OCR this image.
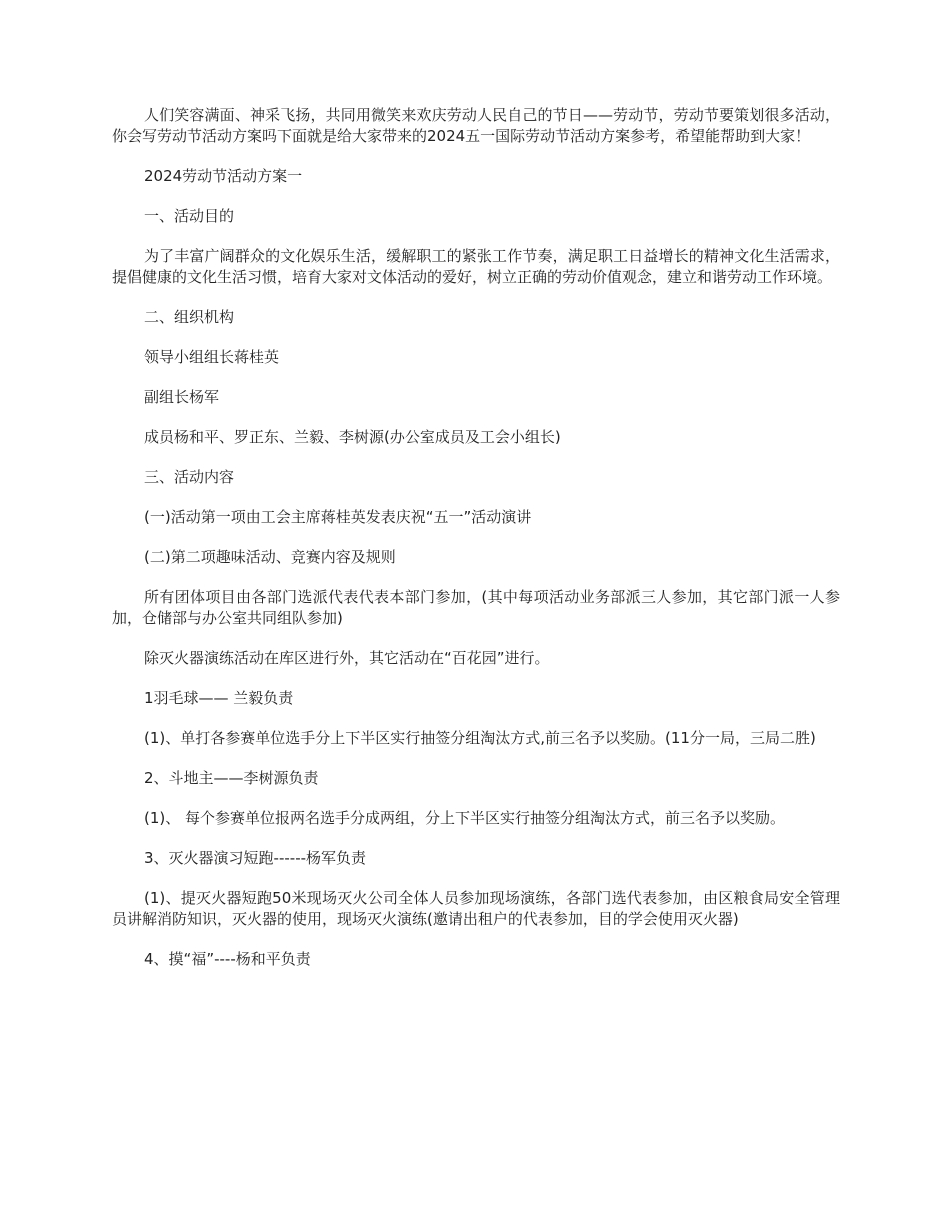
人们笑容满面、神采飞扬，共同用微笑来欢庆劳动人民自己的节日——劳动节，劳动节要策划很多活动，你会写劳动节活动方案吗下面就是给大家带来的2024五一国际劳动节活动方案参考，希望能帮助到大家！

2024劳动节活动方案一

一、活动目的

为了丰富广阔群众的文化娱乐生活，缓解职工的紧张工作节奏，满足职工日益增长的精神文化生活需求，提倡健康的文化生活习惯，培育大家对文体活动的爱好，树立正确的劳动价值观念，建立和谐劳动工作环境。

二、组织机构

领导小组组长蒋桂英

副组长杨军

成员杨和平、罗正东、兰毅、李树源(办公室成员及工会小组长)

三、活动内容

(一)活动第一项由工会主席蒋桂英发表庆祝“五一”活动演讲

(二)第二项趣味活动、竞赛内容及规则

所有团体项目由各部门选派代表代表本部门参加，(其中每项活动业务部派三人参加，其它部门派一人参加，仓储部与办公室共同组队参加)

除灭火器演练活动在库区进行外，其它活动在“百花园”进行。

1羽毛球—— 兰毅负责

(1)、单打各参赛单位选手分上下半区实行抽签分组淘汰方式,前三名予以奖励。(11分一局，三局二胜)

2、斗地主——李树源负责

(1)、 每个参赛单位报两名选手分成两组，分上下半区实行抽签分组淘汰方式，前三名予以奖励。

3、灭火器演习短跑------杨军负责

(1)、提灭火器短跑50米现场灭火公司全体人员参加现场演练，各部门选代表参加，由区粮食局安全管理员讲解消防知识，灭火器的使用，现场灭火演练(邀请出租户的代表参加，目的学会使用灭火器)

4、摸“福”----杨和平负责
